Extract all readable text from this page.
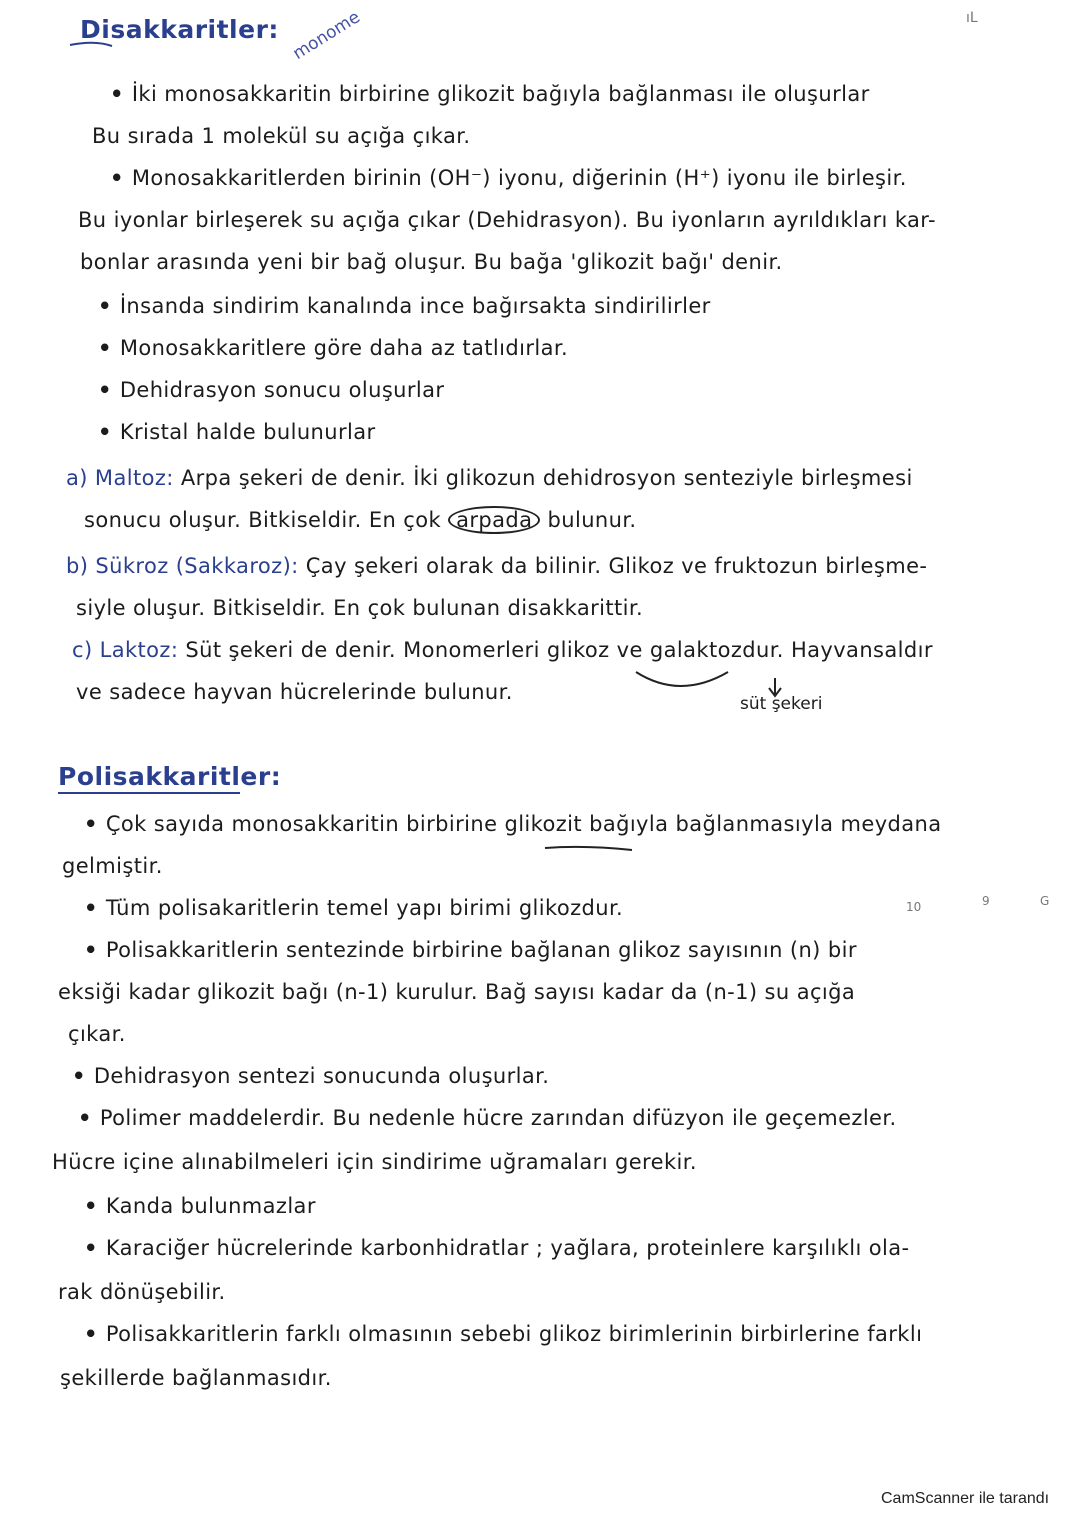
Disakkaritler: monome	ıL
• İki monosakkaritin birbirine glikozit bağıyla bağlanması ile oluşurlar
Bu sırada 1 molekül su açığa çıkar.
• Monosakkaritlerden birinin (OH⁻) iyonu, diğerinin (H⁺) iyonu ile birleşir.
Bu iyonlar birleşerek su açığa çıkar (Dehidrasyon). Bu iyonların ayrıldıkları kar-
bonlar arasında yeni bir bağ oluşur. Bu bağa 'glikozit bağı' denir.
• İnsanda sindirim kanalında ince bağırsakta sindirilirler
• Monosakkaritlere göre daha az tatlıdırlar.
• Dehidrasyon sonucu oluşurlar
• Kristal halde bulunurlar
a) Maltoz: Arpa şekeri de denir. İki glikozun dehidrosyon senteziyle birleşmesi
sonucu oluşur. Bitkiseldir. En çok arpada bulunur.
b) Sükroz (Sakkaroz): Çay şekeri olarak da bilinir. Glikoz ve fruktozun birleşme-
siyle oluşur. Bitkiseldir. En çok bulunan disakkarittir.
c) Laktoz: Süt şekeri de denir. Monomerleri glikoz ve galaktozdur. Hayvansaldır
ve sadece hayvan hücrelerinde bulunur.	süt şekeri
Polisakkaritler:
• Çok sayıda monosakkaritin birbirine glikozit bağıyla bağlanmasıyla meydana
gelmiştir.
• Tüm polisakaritlerin temel yapı birimi glikozdur.	10	9	G
• Polisakkaritlerin sentezinde birbirine bağlanan glikoz sayısının (n) bir
eksiği kadar glikozit bağı (n-1) kurulur. Bağ sayısı kadar da (n-1) su açığa
çıkar.
• Dehidrasyon sentezi sonucunda oluşurlar.
• Polimer maddelerdir. Bu nedenle hücre zarından difüzyon ile geçemezler.
Hücre içine alınabilmeleri için sindirime uğramaları gerekir.
• Kanda bulunmazlar
• Karaciğer hücrelerinde karbonhidratlar ; yağlara, proteinlere karşılıklı ola-
rak dönüşebilir.
• Polisakkaritlerin farklı olmasının sebebi glikoz birimlerinin birbirlerine farklı
şekillerde bağlanmasıdır.
CamScanner ile tarandı
